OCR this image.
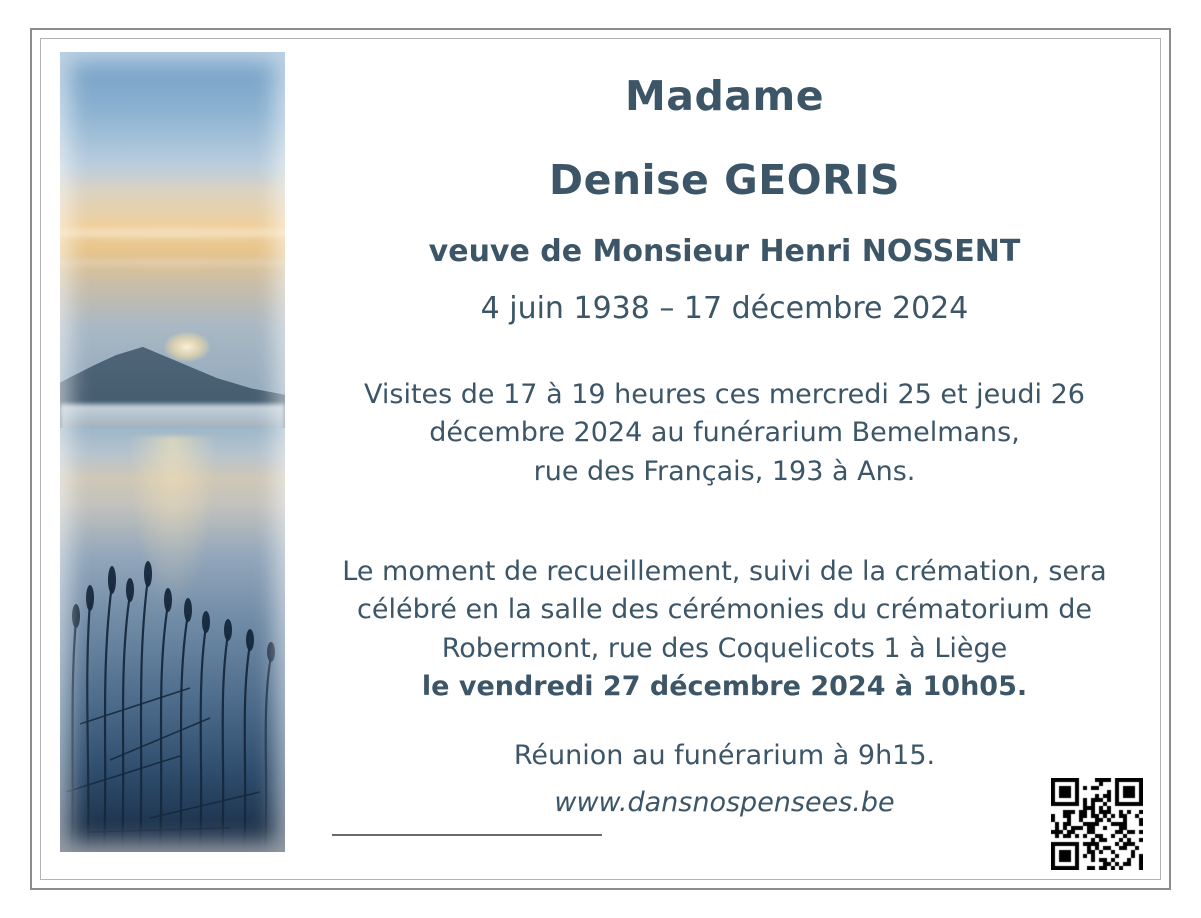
Madame
Denise GEORIS
veuve de Monsieur Henri NOSSENT
4 juin 1938 – 17 décembre 2024
Visites de 17 à 19 heures ces mercredi 25 et jeudi 26
décembre 2024 au funérarium Bemelmans,
rue des Français, 193 à Ans.
Le moment de recueillement, suivi de la crémation, sera
célébré en la salle des cérémonies du crématorium de
Robermont, rue des Coquelicots 1 à Liège
le vendredi 27 décembre 2024 à 10h05.
Réunion au funérarium à 9h15.
www.dansnospensees.be
